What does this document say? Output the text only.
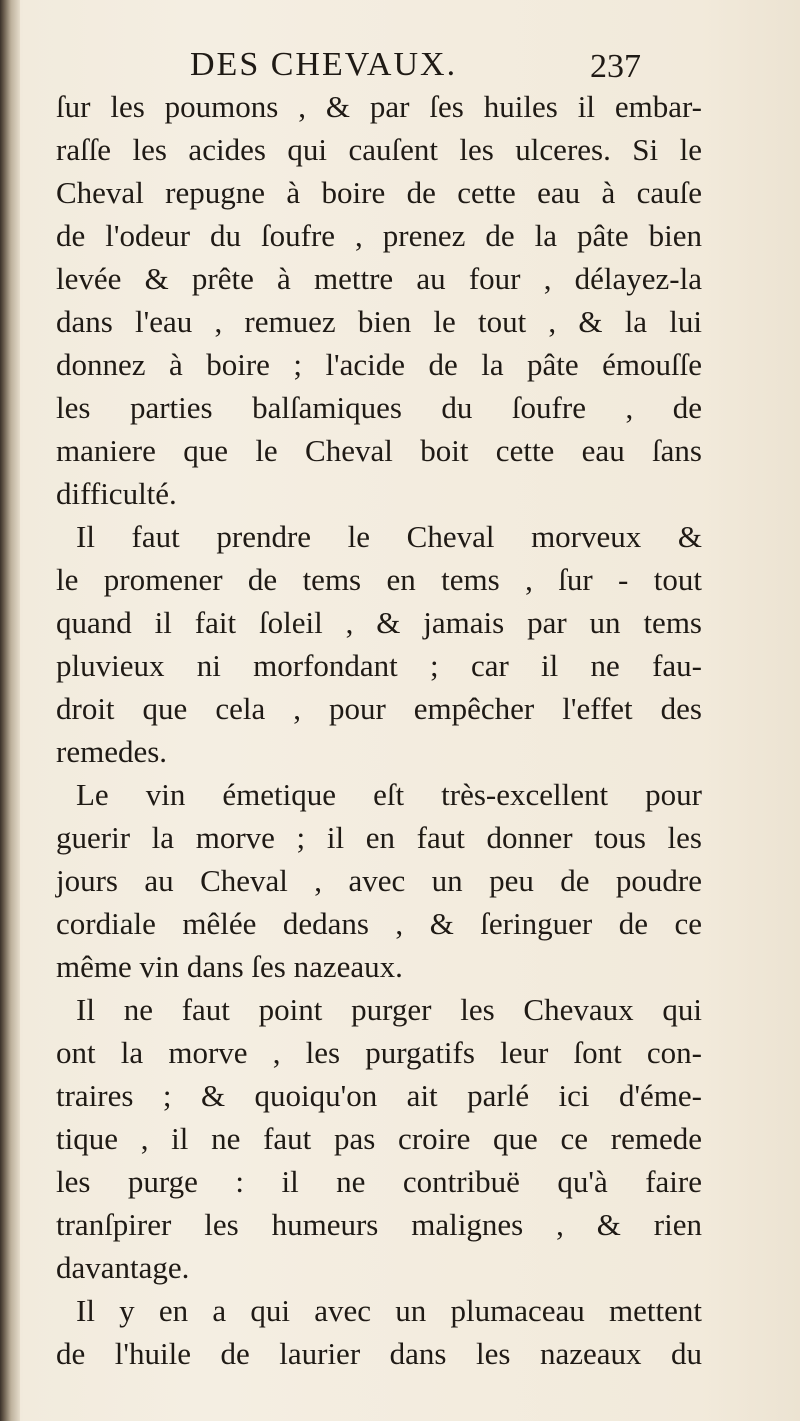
DES CHEVAUX.	237
ſur les poumons , & par ſes huiles il embar-
raſſe les acides qui cauſent les ulceres. Si le
Cheval repugne à boire de cette eau à cauſe
de l'odeur du ſoufre , prenez de la pâte bien
levée & prête à mettre au four , délayez-la
dans l'eau , remuez bien le tout , & la lui
donnez à boire ; l'acide de la pâte émouſſe
les parties balſamiques du ſoufre , de
maniere que le Cheval boit cette eau ſans
difficulté.
Il faut prendre le Cheval morveux &
le promener de tems en tems , ſur - tout
quand il fait ſoleil , & jamais par un tems
pluvieux ni morfondant ; car il ne fau-
droit que cela , pour empêcher l'effet des
remedes.
Le vin émetique eſt très-excellent pour
guerir la morve ; il en faut donner tous les
jours au Cheval , avec un peu de poudre
cordiale mêlée dedans , & ſeringuer de ce
même vin dans ſes nazeaux.
Il ne faut point purger les Chevaux qui
ont la morve , les purgatifs leur ſont con-
traires ; & quoiqu'on ait parlé ici d'éme-
tique , il ne faut pas croire que ce remede
les purge : il ne contribuë qu'à faire
tranſpirer les humeurs malignes , & rien
davantage.
Il y en a qui avec un plumaceau mettent
de l'huile de laurier dans les nazeaux du
